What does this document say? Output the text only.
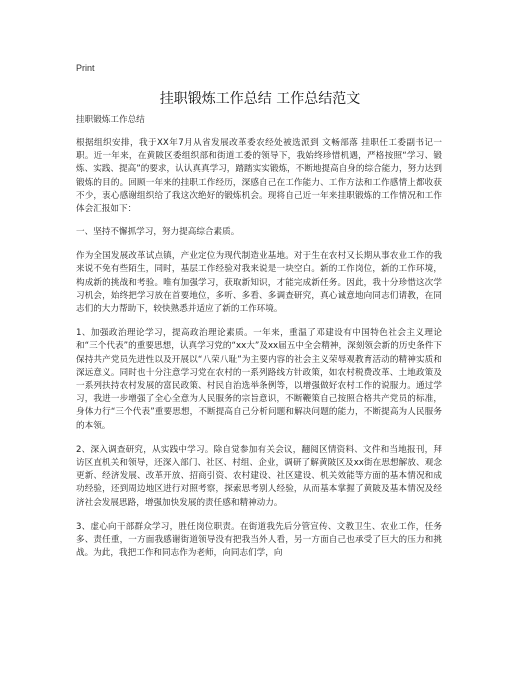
Print
挂职锻炼工作总结 工作总结范文

挂职锻炼工作总结

根据组织安排，我于XX年7月从省发展改革委农经处被选派到 文畅部落 挂职任工委副书记一职。近一年来，在黄陂区委组织部和街道工委的领导下，我始终珍惜机遇，严格按照“学习、锻炼、实践、提高”的要求，认认真真学习，踏踏实实锻炼，不断地提高自身的综合能力，努力达到锻炼的目的。回顾一年来的挂职工作经历，深感自己在工作能力、工作方法和工作感情上都收获不少，衷心感谢组织给了我这次绝好的锻炼机会。现将自己近一年来挂职锻炼的工作情况和工作体会汇报如下：

一、坚持不懈抓学习，努力提高综合素质。

作为全国发展改革试点镇，产业定位为现代制造业基地。对于生在农村又长期从事农业工作的我来说不免有些陌生，同时，基层工作经验对我来说是一块空白。新的工作岗位，新的工作环境，构成新的挑战和考验。唯有加强学习，获取新知识，才能完成新任务。因此，我十分珍惜这次学习机会，始终把学习放在首要地位，多听、多看、多调查研究，真心诚意地向同志们请教，在同志们的大力帮助下，较快熟悉并适应了新的工作环境。

1、加强政治理论学习，提高政治理论素质。一年来，重温了邓建设有中国特色社会主义理论和“三个代表”的重要思想，认真学习党的“xx大”及xx届五中全会精神，深刻领会新的历史条件下保持共产党员先进性以及开展以“八荣八耻”为主要内容的社会主义荣辱观教育活动的精神实质和深远意义。同时也十分注意学习党在农村的一系列路线方针政策，如农村税费改革、土地政策及一系列扶持农村发展的富民政策、村民自治选举条例等，以增强做好农村工作的说服力。通过学习，我进一步增强了全心全意为人民服务的宗旨意识，不断鞭策自己按照合格共产党员的标准，身体力行“三个代表”重要思想，不断提高自己分析问题和解决问题的能力，不断提高为人民服务的本领。

2、深入调查研究，从实践中学习。除自觉参加有关会议，翻阅区情资料、文件和当地报刊，拜访区直机关和领导，还深入部门、社区、村组、企业，调研了解黄陂区及xx街在思想解放、观念更新、经济发展、改革开放、招商引资、农村建设、社区建设、机关效能等方面的基本情况和成功经验，还到周边地区进行对照考察，探索思考别人经验，从而基本掌握了黄陂及基本情况及经济社会发展思路，增强加快发展的责任感和精神动力。

3、虚心向干部群众学习，胜任岗位职责。在街道我先后分管宣传、文教卫生、农业工作，任务多、责任重，一方面我感谢街道领导没有把我当外人看，另一方面自己也承受了巨大的压力和挑战。为此，我把工作和同志作为老师，向同志们学，向
